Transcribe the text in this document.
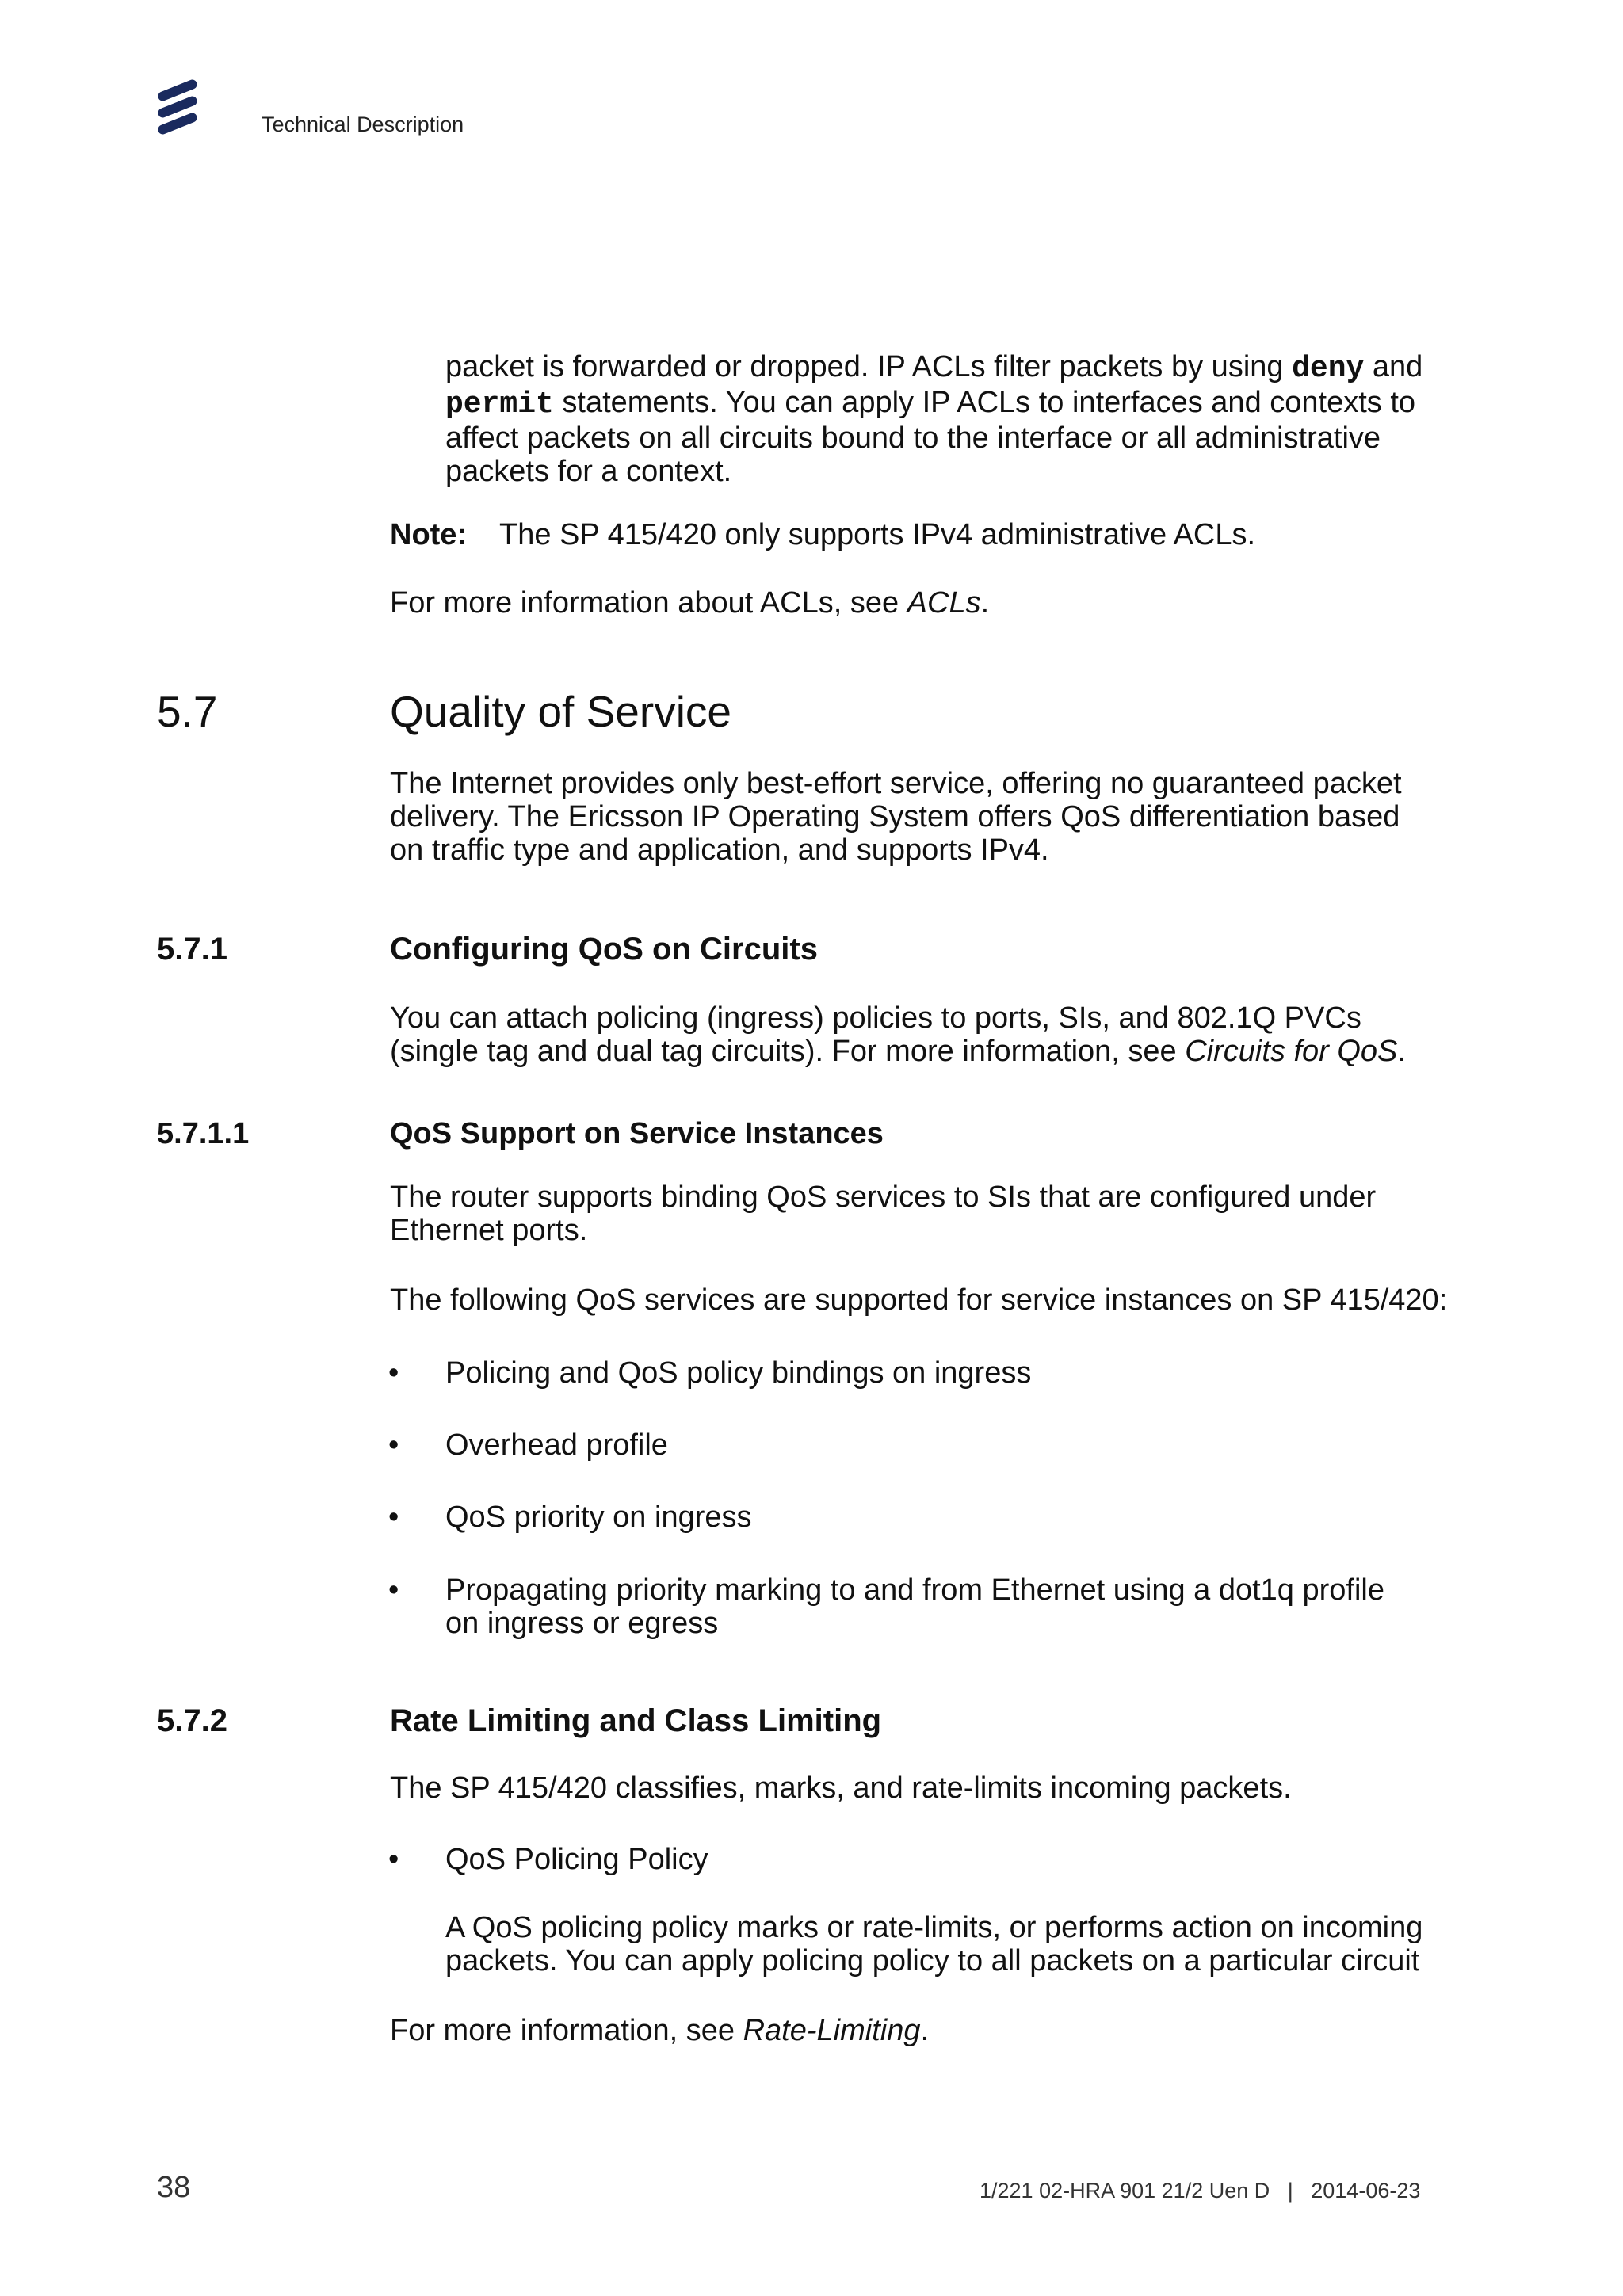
Technical Description
packet is forwarded or dropped. IP ACLs filter packets by using deny and
permit statements. You can apply IP ACLs to interfaces and contexts to
affect packets on all circuits bound to the interface or all administrative
packets for a context.
Note: The SP 415/420 only supports IPv4 administrative ACLs.
For more information about ACLs, see ACLs.
5.7	Quality of Service
The Internet provides only best-effort service, offering no guaranteed packet
delivery. The Ericsson IP Operating System offers QoS differentiation based
on traffic type and application, and supports IPv4.
5.7.1	Configuring QoS on Circuits
You can attach policing (ingress) policies to ports, SIs, and 802.1Q PVCs
(single tag and dual tag circuits). For more information, see Circuits for QoS.
5.7.1.1	QoS Support on Service Instances
The router supports binding QoS services to SIs that are configured under
Ethernet ports.
The following QoS services are supported for service instances on SP 415/420:
• Policing and QoS policy bindings on ingress
• Overhead profile
• QoS priority on ingress
• Propagating priority marking to and from Ethernet using a dot1q profile
on ingress or egress
5.7.2	Rate Limiting and Class Limiting
The SP 415/420 classifies, marks, and rate-limits incoming packets.
• QoS Policing Policy
A QoS policing policy marks or rate-limits, or performs action on incoming
packets. You can apply policing policy to all packets on a particular circuit
For more information, see Rate-Limiting.
38	1/221 02-HRA 901 21/2 Uen D   |   2014-06-23
